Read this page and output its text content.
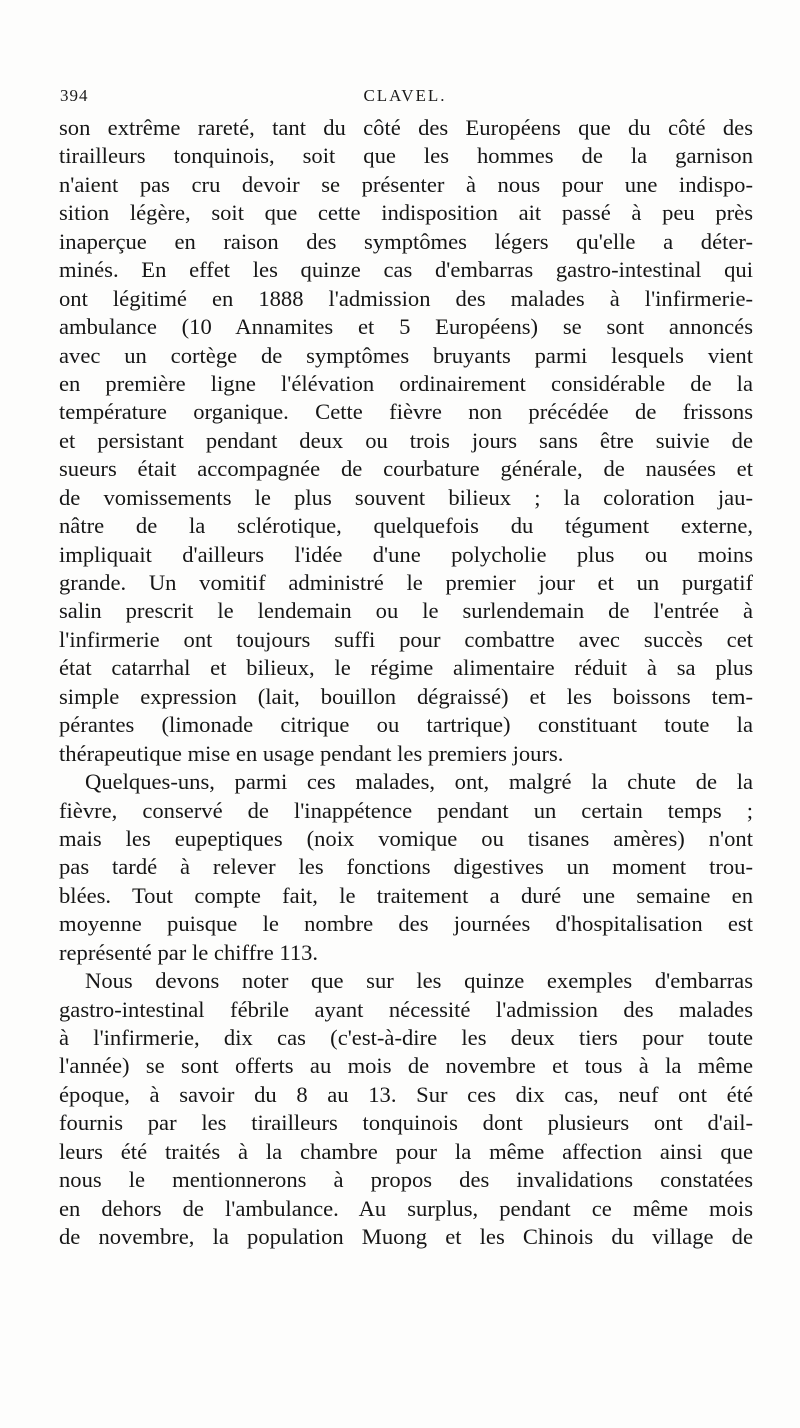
394	CLAVEL.
son extrême rareté, tant du côté des Européens que du côté des
tirailleurs tonquinois, soit que les hommes de la garnison
n'aient pas cru devoir se présenter à nous pour une indispo-
sition légère, soit que cette indisposition ait passé à peu près
inaperçue en raison des symptômes légers qu'elle a déter-
minés. En effet les quinze cas d'embarras gastro-intestinal qui
ont légitimé en 1888 l'admission des malades à l'infirmerie-
ambulance (10 Annamites et 5 Européens) se sont annoncés
avec un cortège de symptômes bruyants parmi lesquels vient
en première ligne l'élévation ordinairement considérable de la
température organique. Cette fièvre non précédée de frissons
et persistant pendant deux ou trois jours sans être suivie de
sueurs était accompagnée de courbature générale, de nausées et
de vomissements le plus souvent bilieux ; la coloration jau-
nâtre de la sclérotique, quelquefois du tégument externe,
impliquait d'ailleurs l'idée d'une polycholie plus ou moins
grande. Un vomitif administré le premier jour et un purgatif
salin prescrit le lendemain ou le surlendemain de l'entrée à
l'infirmerie ont toujours suffi pour combattre avec succès cet
état catarrhal et bilieux, le régime alimentaire réduit à sa plus
simple expression (lait, bouillon dégraissé) et les boissons tem-
pérantes (limonade citrique ou tartrique) constituant toute la
thérapeutique mise en usage pendant les premiers jours.
Quelques-uns, parmi ces malades, ont, malgré la chute de la
fièvre, conservé de l'inappétence pendant un certain temps ;
mais les eupeptiques (noix vomique ou tisanes amères) n'ont
pas tardé à relever les fonctions digestives un moment trou-
blées. Tout compte fait, le traitement a duré une semaine en
moyenne puisque le nombre des journées d'hospitalisation est
représenté par le chiffre 113.
Nous devons noter que sur les quinze exemples d'embarras
gastro-intestinal fébrile ayant nécessité l'admission des malades
à l'infirmerie, dix cas (c'est-à-dire les deux tiers pour toute
l'année) se sont offerts au mois de novembre et tous à la même
époque, à savoir du 8 au 13. Sur ces dix cas, neuf ont été
fournis par les tirailleurs tonquinois dont plusieurs ont d'ail-
leurs été traités à la chambre pour la même affection ainsi que
nous le mentionnerons à propos des invalidations constatées
en dehors de l'ambulance. Au surplus, pendant ce même mois
de novembre, la population Muong et les Chinois du village de
